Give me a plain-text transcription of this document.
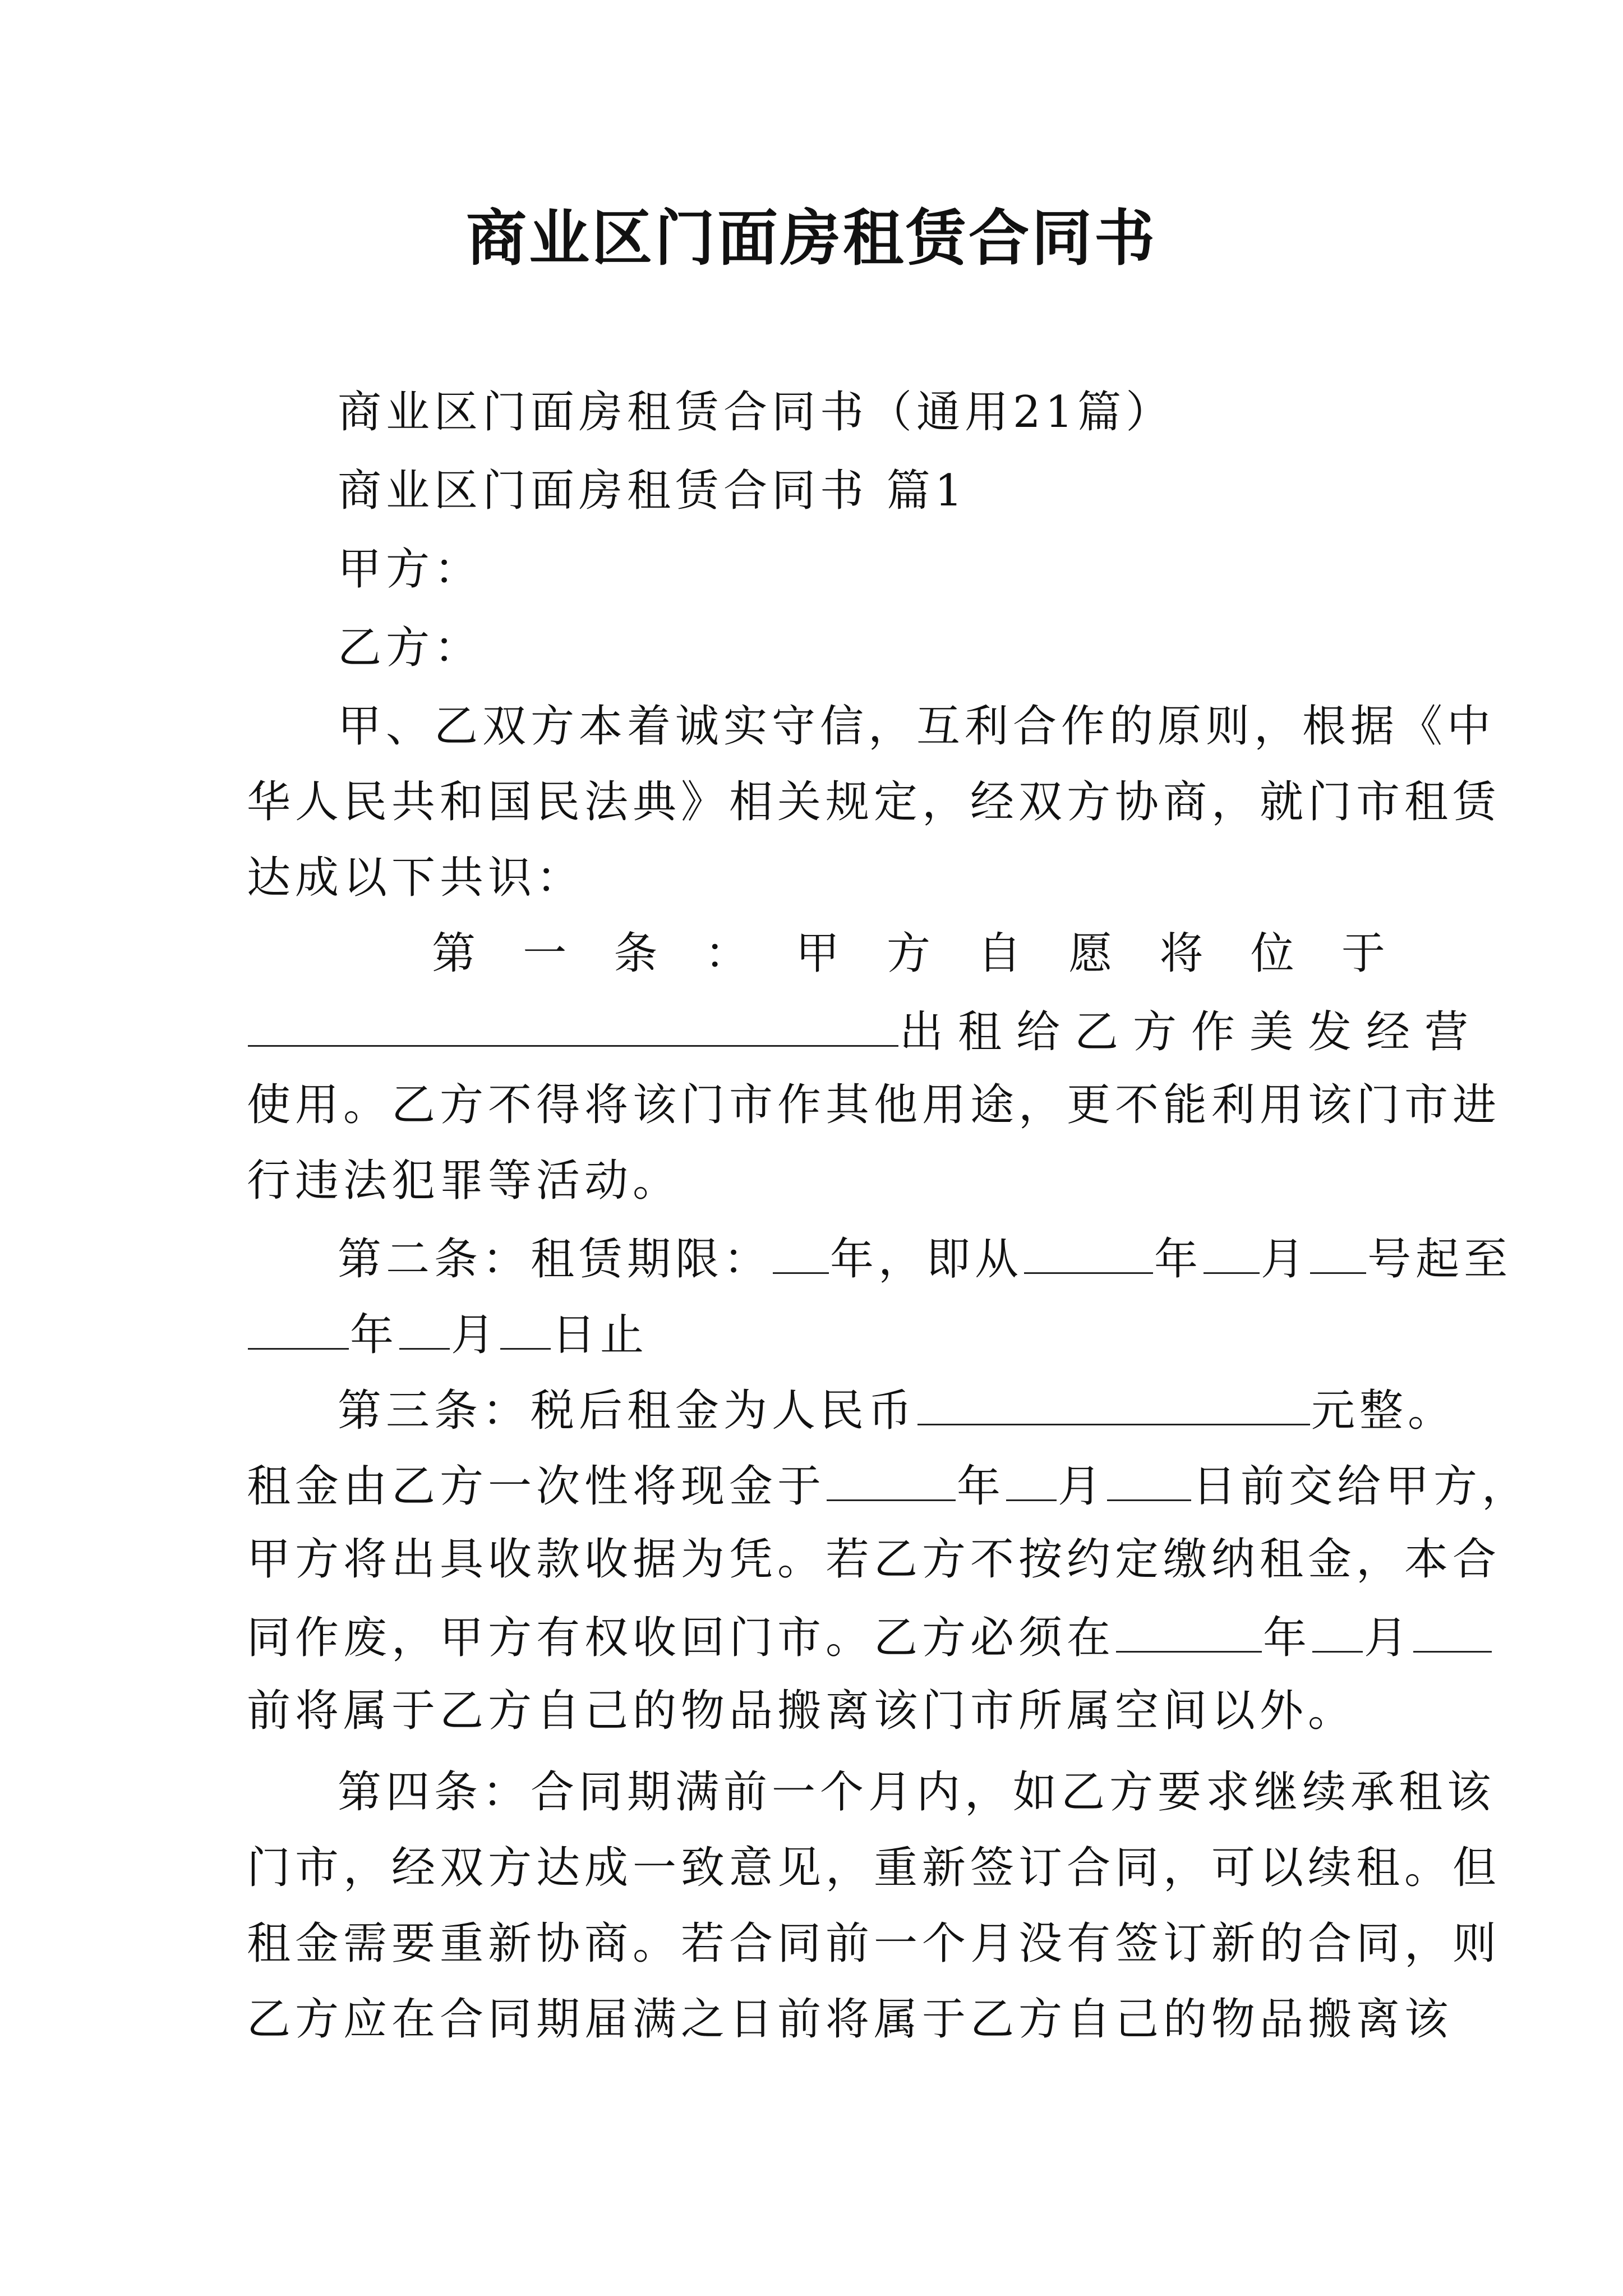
商业区门面房租赁合同书
商业区门面房租赁合同书（通用21篇）
商业区门面房租赁合同书 篇1
甲方：
乙方：
甲、乙双方本着诚实守信，互利合作的原则，根据《中
华人民共和国民法典》相关规定，经双方协商，就门市租赁
达成以下共识：
第 一 条 ： 甲 方 自 愿 将 位 于
出租给乙方作美发经营
使用。乙方不得将该门市作其他用途，更不能利用该门市进
行违法犯罪等活动。
第二条：租赁期限： 年，即从	年 月 号起至
年 月 日止
第三条：税后租金为人民币	元整。
租金由乙方一次性将现金于	年 月 日前交给甲方，
甲方将出具收款收据为凭。若乙方不按约定缴纳租金，本合
同作废，甲方有权收回门市。乙方必须在	年 月
前将属于乙方自己的物品搬离该门市所属空间以外。
第四条：合同期满前一个月内，如乙方要求继续承租该
门市，经双方达成一致意见，重新签订合同，可以续租。但
租金需要重新协商。若合同前一个月没有签订新的合同，则
乙方应在合同期届满之日前将属于乙方自己的物品搬离该
